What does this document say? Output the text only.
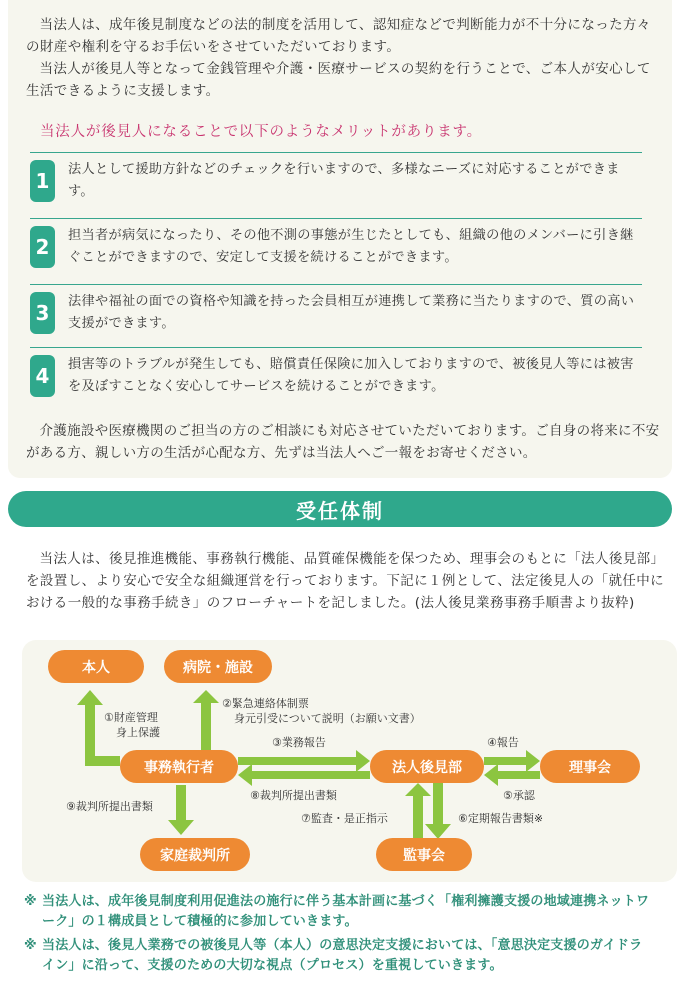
当法人は、成年後見制度などの法的制度を活用して、認知症などで判断能力が不十分になった方々の財産や権利を守るお手伝いをさせていただいております。

当法人が後見人等となって金銭管理や介護・医療サービスの契約を行うことで、ご本人が安心して生活できるように支援します。

当法人が後見人になることで以下のようなメリットがあります。
1	法人として援助方針などのチェックを行いますので、多様なニーズに対応することができます。
2	担当者が病気になったり、その他不測の事態が生じたとしても、組織の他のメンバーに引き継ぐことができますので、安定して支援を続けることができます。
3	法律や福祉の面での資格や知識を持った会員相互が連携して業務に当たりますので、質の高い支援ができます。
4	損害等のトラブルが発生しても、賠償責任保険に加入しておりますので、被後見人等には被害を及ぼすことなく安心してサービスを続けることができます。

介護施設や医療機関のご担当の方のご相談にも対応させていただいております。ご自身の将来に不安がある方、親しい方の生活が心配な方、先ずは当法人へご一報をお寄せください。

受任体制

当法人は、後見推進機能、事務執行機能、品質確保機能を保つため、理事会のもとに「法人後見部」を設置し、より安心で安全な組織運営を行っております。下記に１例として、法定後見人の「就任中における一般的な事務手続き」のフローチャートを記しました。(法人後見業務事務手順書より抜粋)

本人	病院・施設
事務執行者	法人後見部	理事会
家庭裁判所	監事会
①財産管理
身上保護
②緊急連絡体制票
身元引受について説明（お願い文書）
③業務報告	④報告
⑤承認
⑥定期報告書類※
⑦監査・是正指示
⑧裁判所提出書類
⑨裁判所提出書類
※ 当法人は、成年後見制度利用促進法の施行に伴う基本計画に基づく「権利擁護支援の地域連携ネットワーク」の１構成員として積極的に参加していきます。
※ 当法人は、後見人業務での被後見人等（本人）の意思決定支援においては、「意思決定支援のガイドライン」に沿って、支援のための大切な視点（プロセス）を重視していきます。
